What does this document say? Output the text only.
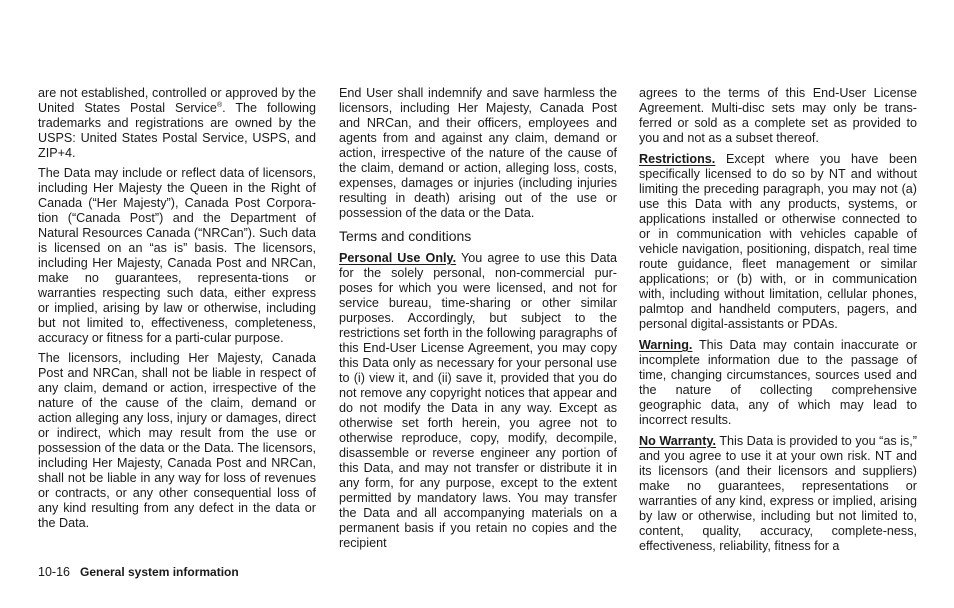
are not established, controlled or approved by the United States Postal Service®. The following trademarks and registrations are owned by the USPS: United States Postal Service, USPS, and ZIP+4.

The Data may include or reflect data of licensors, including Her Majesty the Queen in the Right of Canada (“Her Majesty”), Canada Post Corpora-tion (“Canada Post”) and the Department of Natural Resources Canada (“NRCan”). Such data is licensed on an “as is” basis. The licensors, including Her Majesty, Canada Post and NRCan, make no guarantees, representa-tions or warranties respecting such data, either express or implied, arising by law or otherwise, including but not limited to, effectiveness, completeness, accuracy or fitness for a parti-cular purpose.

The licensors, including Her Majesty, Canada Post and NRCan, shall not be liable in respect of any claim, demand or action, irrespective of the nature of the cause of the claim, demand or action alleging any loss, injury or damages, direct or indirect, which may result from the use or possession of the data or the Data. The licensors, including Her Majesty, Canada Post and NRCan, shall not be liable in any way for loss of revenues or contracts, or any other consequential loss of any kind resulting from any defect in the data or the Data.

End User shall indemnify and save harmless the licensors, including Her Majesty, Canada Post and NRCan, and their officers, employees and agents from and against any claim, demand or action, irrespective of the nature of the cause of the claim, demand or action, alleging loss, costs, expenses, damages or injuries (including injuries resulting in death) arising out of the use or possession of the data or the Data.

Terms and conditions

Personal Use Only. You agree to use this Data for the solely personal, non-commercial pur-poses for which you were licensed, and not for service bureau, time-sharing or other similar purposes. Accordingly, but subject to the restrictions set forth in the following paragraphs of this End-User License Agreement, you may copy this Data only as necessary for your personal use to (i) view it, and (ii) save it, provided that you do not remove any copyright notices that appear and do not modify the Data in any way. Except as otherwise set forth herein, you agree not to otherwise reproduce, copy, modify, decompile, disassemble or reverse engineer any portion of this Data, and may not transfer or distribute it in any form, for any purpose, except to the extent permitted by mandatory laws. You may transfer the Data and all accompanying materials on a permanent basis if you retain no copies and the recipient

agrees to the terms of this End-User License Agreement. Multi-disc sets may only be trans-ferred or sold as a complete set as provided to you and not as a subset thereof.

Restrictions. Except where you have been specifically licensed to do so by NT and without limiting the preceding paragraph, you may not (a) use this Data with any products, systems, or applications installed or otherwise connected to or in communication with vehicles capable of vehicle navigation, positioning, dispatch, real time route guidance, fleet management or similar applications; or (b) with, or in communication with, including without limitation, cellular phones, palmtop and handheld computers, pagers, and personal digital-assistants or PDAs.

Warning. This Data may contain inaccurate or incomplete information due to the passage of time, changing circumstances, sources used and the nature of collecting comprehensive geographic data, any of which may lead to incorrect results.

No Warranty. This Data is provided to you “as is,” and you agree to use it at your own risk. NT and its licensors (and their licensors and suppliers) make no guarantees, representations or warranties of any kind, express or implied, arising by law or otherwise, including but not limited to, content, quality, accuracy, complete-ness, effectiveness, reliability, fitness for a

10-16 General system information
